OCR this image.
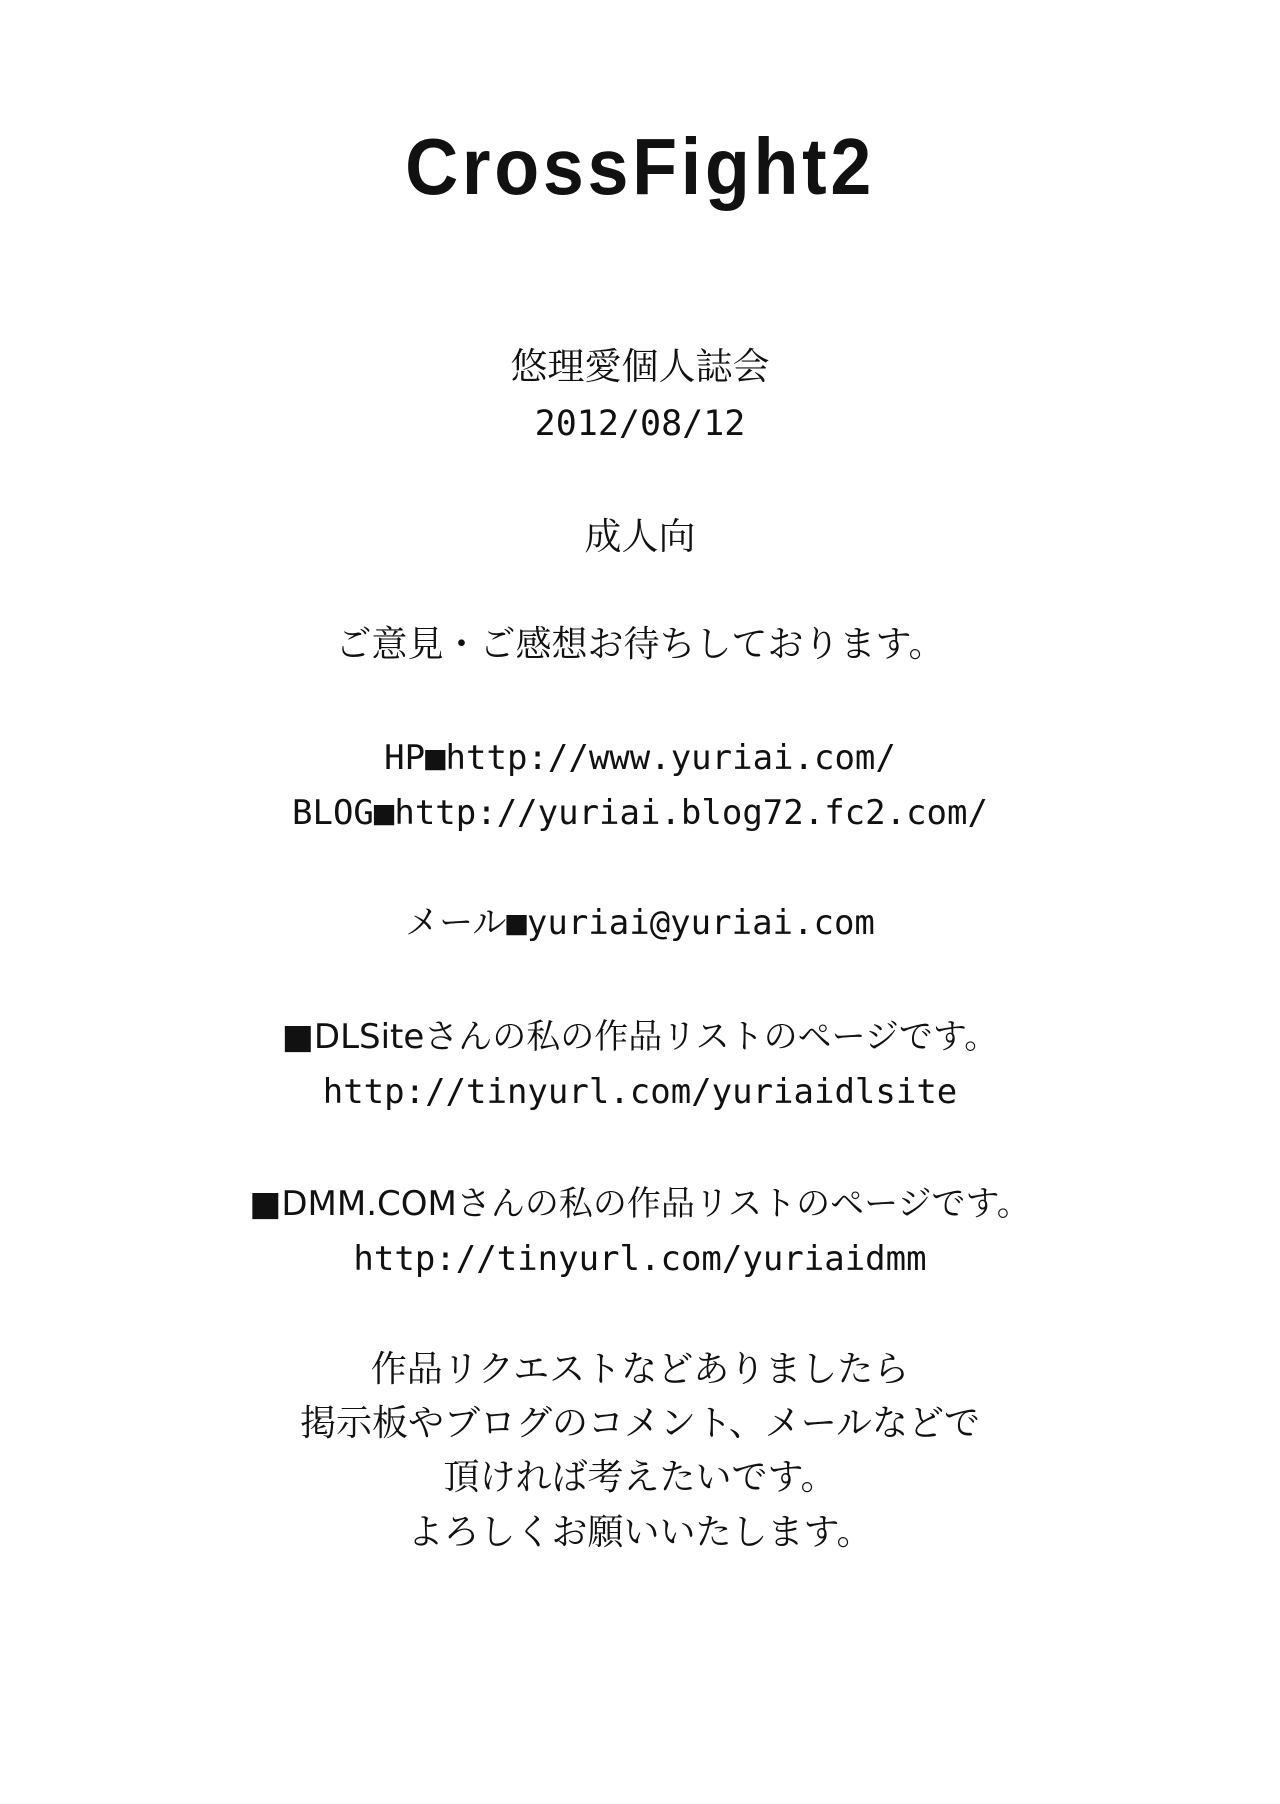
CrossFight2
悠理愛個人誌会
2012/08/12
成人向
ご意見・ご感想お待ちしております。
HP■http://www.yuriai.com/
BLOG■http://yuriai.blog72.fc2.com/
メール■yuriai@yuriai.com
■DLSiteさんの私の作品リストのページです。
http://tinyurl.com/yuriaidlsite
■DMM.COMさんの私の作品リストのページです。
http://tinyurl.com/yuriaidmm
作品リクエストなどありましたら
掲示板やブログのコメント、メールなどで
頂ければ考えたいです。
よろしくお願いいたします。
